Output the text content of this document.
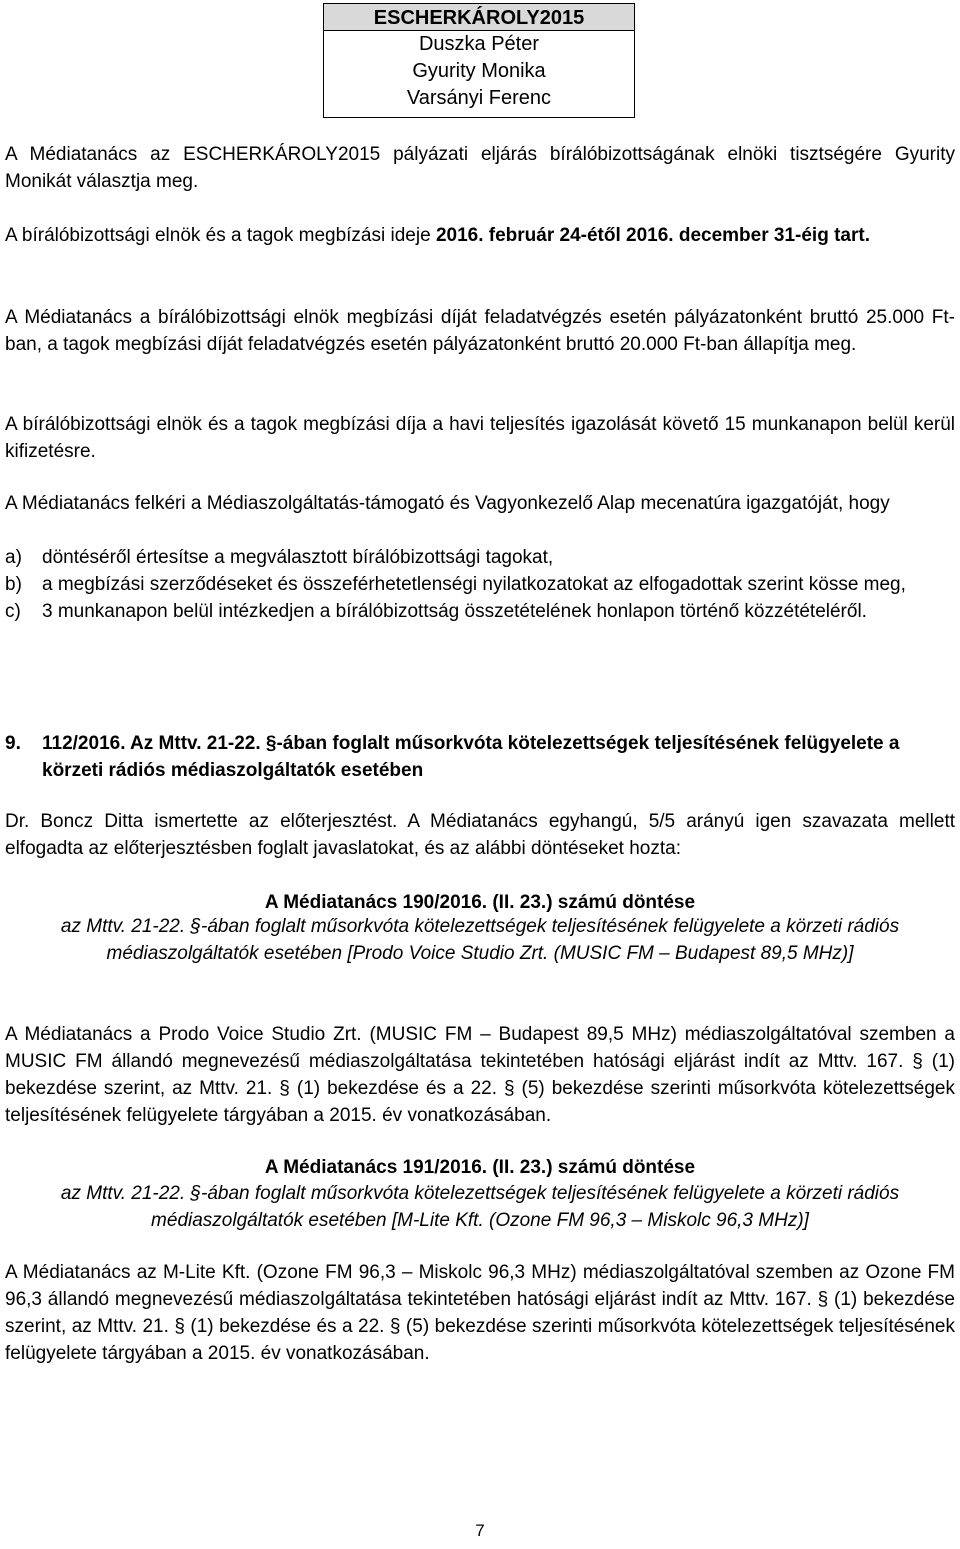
ESCHERKÁROLY2015
Duszka Péter
Gyurity Monika
Varsányi Ferenc

A Médiatanács az ESCHERKÁROLY2015 pályázati eljárás bírálóbizottságának elnöki tisztségére Gyurity Monikát választja meg.

A bírálóbizottsági elnök és a tagok megbízási ideje 2016. február 24-étől 2016. december 31-éig tart.

A Médiatanács a bírálóbizottsági elnök megbízási díját feladatvégzés esetén pályázatonként bruttó 25.000 Ft-ban, a tagok megbízási díját feladatvégzés esetén pályázatonként bruttó 20.000 Ft-ban állapítja meg.

A bírálóbizottsági elnök és a tagok megbízási díja a havi teljesítés igazolását követő 15 munkanapon belül kerül kifizetésre.

A Médiatanács felkéri a Médiaszolgáltatás-támogató és Vagyonkezelő Alap mecenatúra igazgatóját, hogy

a) döntéséről értesítse a megválasztott bírálóbizottsági tagokat,
b) a megbízási szerződéseket és összeférhetetlenségi nyilatkozatokat az elfogadottak szerint kösse meg,
c) 3 munkanapon belül intézkedjen a bírálóbizottság összetételének honlapon történő közzétételéről.
9.	112/2016. Az Mttv. 21-22. §-ában foglalt műsorkvóta kötelezettségek teljesítésének felügyelete a körzeti rádiós médiaszolgáltatók esetében

Dr. Boncz Ditta ismertette az előterjesztést. A Médiatanács egyhangú, 5/5 arányú igen szavazata mellett elfogadta az előterjesztésben foglalt javaslatokat, és az alábbi döntéseket hozta:

A Médiatanács 190/2016. (II. 23.) számú döntése

az Mttv. 21-22. §-ában foglalt műsorkvóta kötelezettségek teljesítésének felügyelete a körzeti rádiós médiaszolgáltatók esetében [Prodo Voice Studio Zrt. (MUSIC FM – Budapest 89,5 MHz)]

A Médiatanács a Prodo Voice Studio Zrt. (MUSIC FM – Budapest 89,5 MHz) médiaszolgáltatóval szemben a MUSIC FM állandó megnevezésű médiaszolgáltatása tekintetében hatósági eljárást indít az Mttv. 167. § (1) bekezdése szerint, az Mttv. 21. § (1) bekezdése és a 22. § (5) bekezdése szerinti műsorkvóta kötelezettségek teljesítésének felügyelete tárgyában a 2015. év vonatkozásában.

A Médiatanács 191/2016. (II. 23.) számú döntése

az Mttv. 21-22. §-ában foglalt műsorkvóta kötelezettségek teljesítésének felügyelete a körzeti rádiós médiaszolgáltatók esetében [M-Lite Kft. (Ozone FM 96,3 – Miskolc 96,3 MHz)]

A Médiatanács az M-Lite Kft. (Ozone FM 96,3 – Miskolc 96,3 MHz) médiaszolgáltatóval szemben az Ozone FM 96,3 állandó megnevezésű médiaszolgáltatása tekintetében hatósági eljárást indít az Mttv. 167. § (1) bekezdése szerint, az Mttv. 21. § (1) bekezdése és a 22. § (5) bekezdése szerinti műsorkvóta kötelezettségek teljesítésének felügyelete tárgyában a 2015. év vonatkozásában.

7
